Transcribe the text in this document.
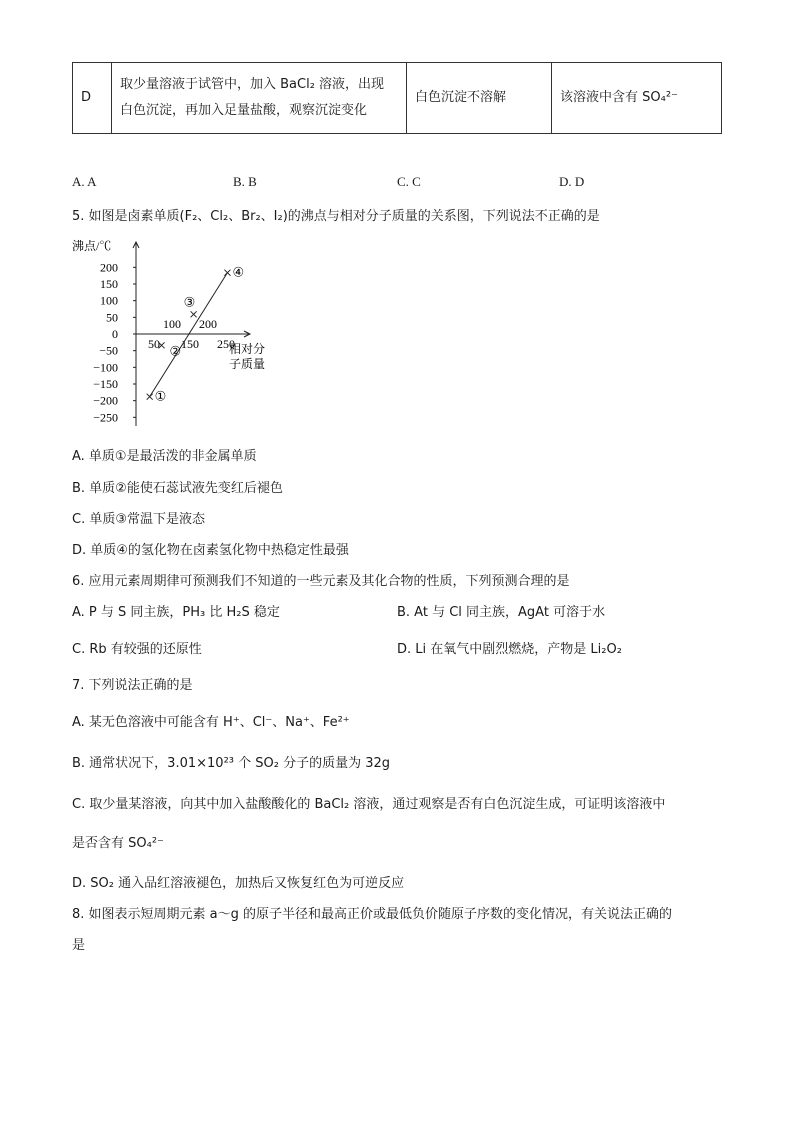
D	
取少量溶液于试管中，加入 BaCl₂ 溶液，出现
白色沉淀，再加入足量盐酸，观察沉淀变化
	白色沉淀不溶解	该溶液中含有 SO₄²⁻
A. A	B. B	C. C	D. D
5. 如图是卤素单质(F₂、Cl₂、Br₂、I₂)的沸点与相对分子质量的关系图，下列说法不正确的是
沸点/℃
200
150
100
50
0
−50
−100
−150
−200
−250
50 150 250
100 200
相对分
子质量
①
②
③
④
A. 单质①是最活泼的非金属单质
B. 单质②能使石蕊试液先变红后褪色
C. 单质③常温下是液态
D. 单质④的氢化物在卤素氢化物中热稳定性最强
6. 应用元素周期律可预测我们不知道的一些元素及其化合物的性质，下列预测合理的是
A. P 与 S 同主族，PH₃ 比 H₂S 稳定	B. At 与 Cl 同主族，AgAt 可溶于水
C. Rb 有较强的还原性	D. Li 在氧气中剧烈燃烧，产物是 Li₂O₂
7. 下列说法正确的是
A. 某无色溶液中可能含有 H⁺、Cl⁻、Na⁺、Fe²⁺
B. 通常状况下，3.01×10²³ 个 SO₂ 分子的质量为 32g
C. 取少量某溶液，向其中加入盐酸酸化的 BaCl₂ 溶液，通过观察是否有白色沉淀生成，可证明该溶液中
是否含有 SO₄²⁻
D. SO₂ 通入品红溶液褪色，加热后又恢复红色为可逆反应
8. 如图表示短周期元素 a～g 的原子半径和最高正价或最低负价随原子序数的变化情况，有关说法正确的
是
